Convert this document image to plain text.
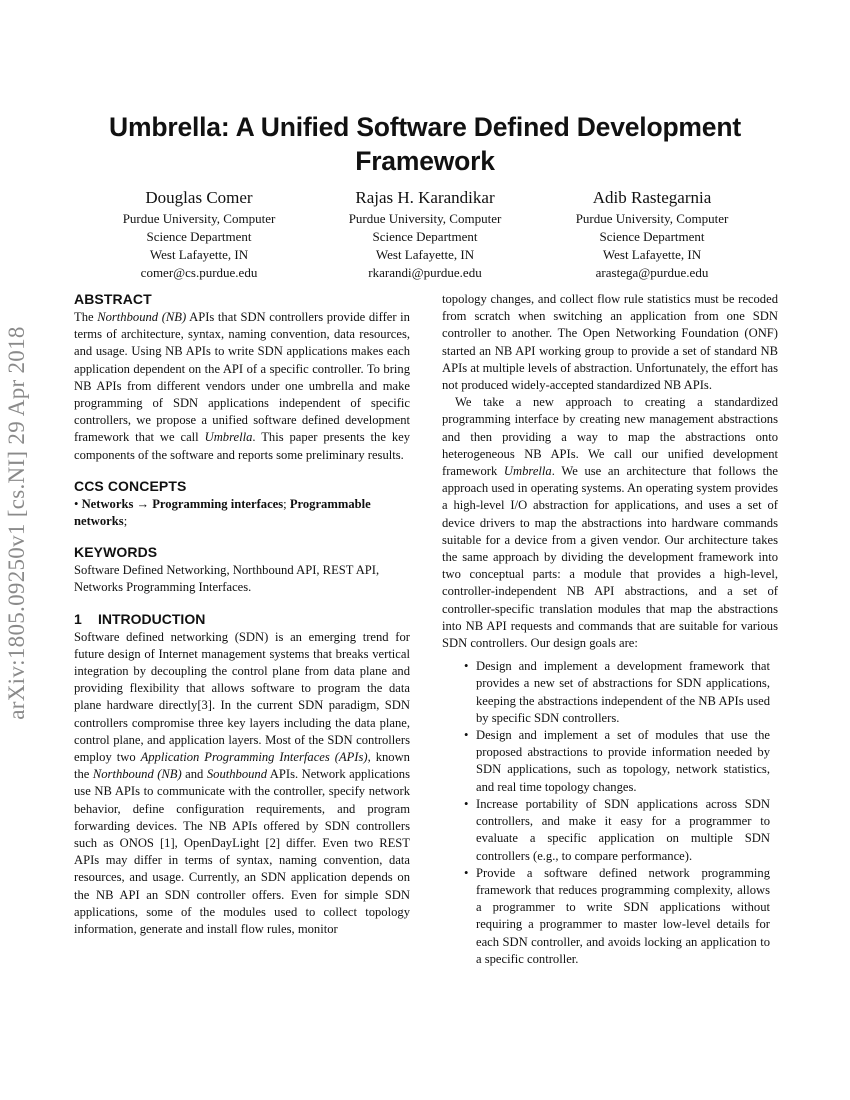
arXiv:1805.09250v1 [cs.NI] 29 Apr 2018
Umbrella: A Unified Software Defined Development Framework
Douglas Comer
Purdue University, Computer
Science Department
West Lafayette, IN
comer@cs.purdue.edu
Rajas H. Karandikar
Purdue University, Computer
Science Department
West Lafayette, IN
rkarandi@purdue.edu
Adib Rastegarnia
Purdue University, Computer
Science Department
West Lafayette, IN
arastega@purdue.edu
ABSTRACT

The Northbound (NB) APIs that SDN controllers provide differ in terms of architecture, syntax, naming convention, data resources, and usage. Using NB APIs to write SDN applications makes each application dependent on the API of a specific controller. To bring NB APIs from different vendors under one umbrella and make programming of SDN applications independent of specific controllers, we propose a unified software defined development framework that we call Umbrella. This paper presents the key components of the software and reports some preliminary results.

CCS CONCEPTS

• Networks → Programming interfaces; Programmable networks;

KEYWORDS

Software Defined Networking, Northbound API, REST API, Networks Programming Interfaces.

1 INTRODUCTION

Software defined networking (SDN) is an emerging trend for future design of Internet management systems that breaks vertical integration by decoupling the control plane from data plane and providing flexibility that allows software to program the data plane hardware directly[3]. In the current SDN paradigm, SDN controllers compromise three key layers including the data plane, control plane, and application layers. Most of the SDN controllers employ two Application Programming Interfaces (APIs), known the Northbound (NB) and Southbound APIs. Network applications use NB APIs to communicate with the controller, specify network behavior, define configuration requirements, and program forwarding devices. The NB APIs offered by SDN controllers such as ONOS [1], OpenDayLight [2] differ. Even two REST APIs may differ in terms of syntax, naming convention, data resources, and usage. Currently, an SDN application depends on the NB API an SDN controller offers. Even for simple SDN applications, some of the modules used to collect topology information, generate and install flow rules, monitor

topology changes, and collect flow rule statistics must be recoded from scratch when switching an application from one SDN controller to another. The Open Networking Foundation (ONF) started an NB API working group to provide a set of standard NB APIs at multiple levels of abstraction. Unfortunately, the effort has not produced widely-accepted standardized NB APIs.

We take a new approach to creating a standardized programming interface by creating new management abstractions and then providing a way to map the abstractions onto heterogeneous NB APIs. We call our unified development framework Umbrella. We use an architecture that follows the approach used in operating systems. An operating system provides a high-level I/O abstraction for applications, and uses a set of device drivers to map the abstractions into hardware commands suitable for a device from a given vendor. Our architecture takes the same approach by dividing the development framework into two conceptual parts: a module that provides a high-level, controller-independent NB API abstractions, and a set of controller-specific translation modules that map the abstractions into NB API requests and commands that are suitable for various SDN controllers. Our design goals are:

• Design and implement a development framework that provides a new set of abstractions for SDN applications, keeping the abstractions independent of the NB APIs used by specific SDN controllers.
• Design and implement a set of modules that use the proposed abstractions to provide information needed by SDN applications, such as topology, network statistics, and real time topology changes.
• Increase portability of SDN applications across SDN controllers, and make it easy for a programmer to evaluate a specific application on multiple SDN controllers (e.g., to compare performance).
• Provide a software defined network programming framework that reduces programming complexity, allows a programmer to write SDN applications without requiring a programmer to master low-level details for each SDN controller, and avoids locking an application to a specific controller.
